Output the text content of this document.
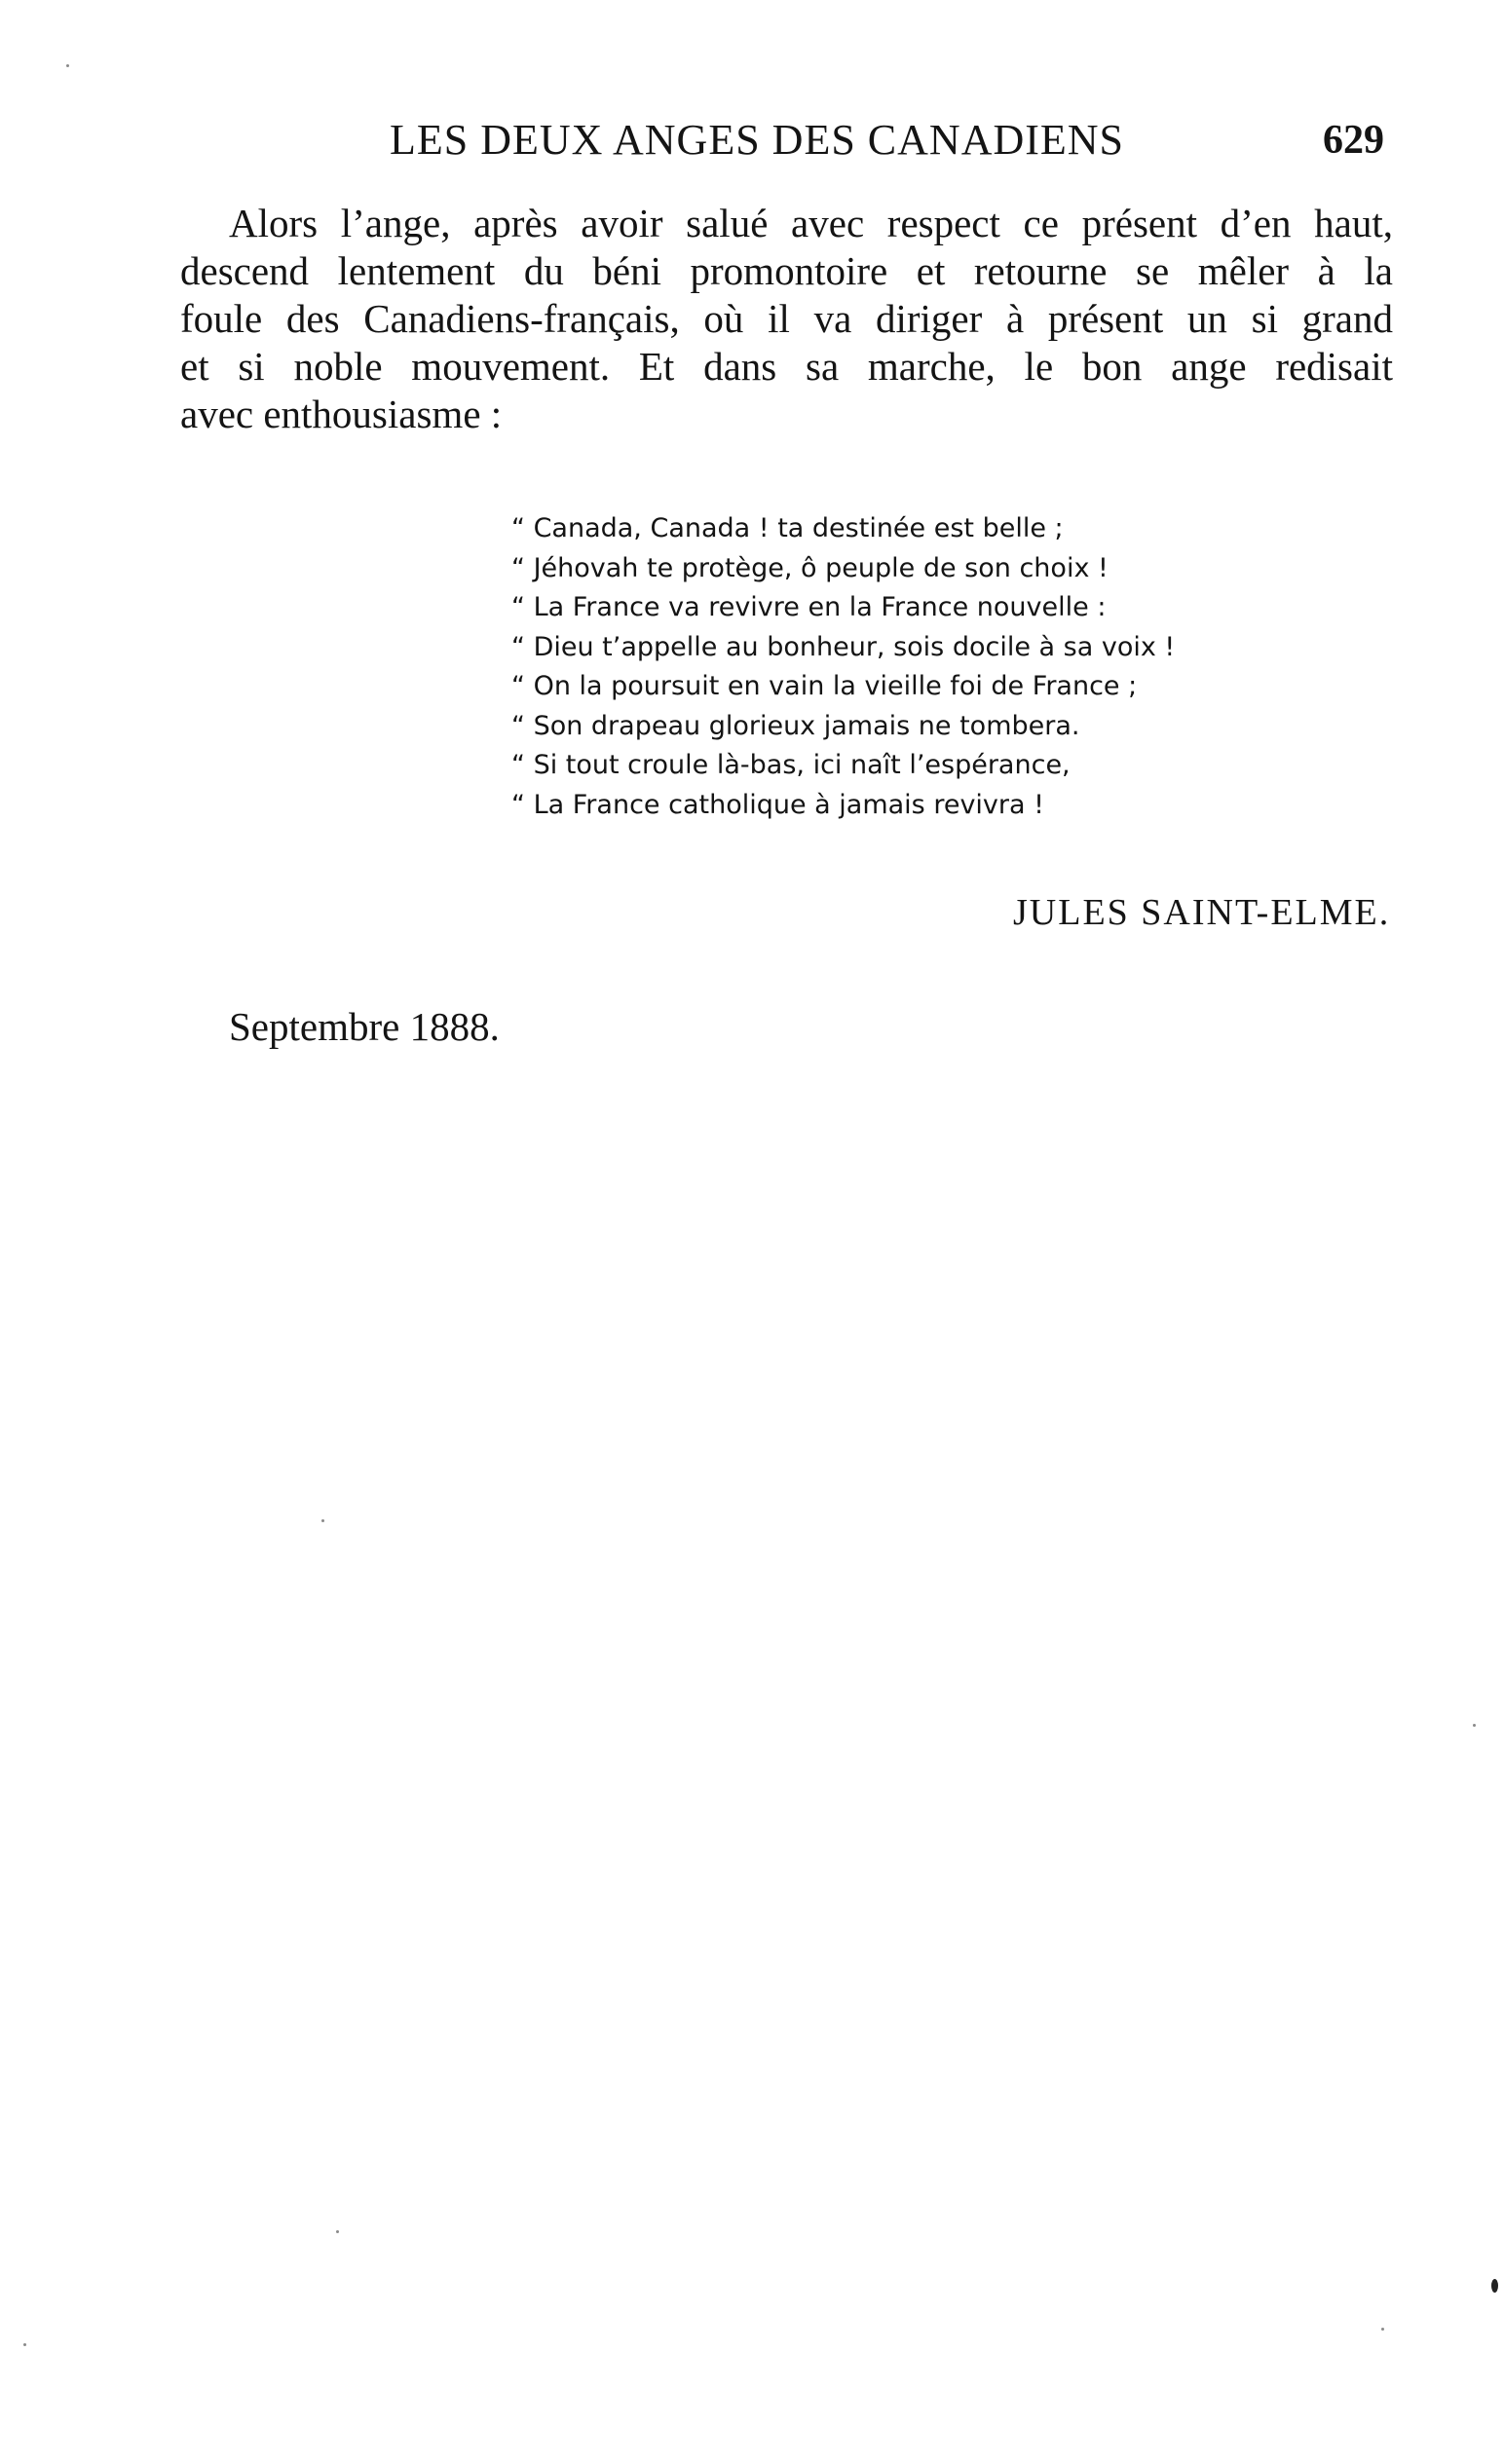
LES DEUX ANGES DES CANADIENS	629
Alors l’ange, après avoir salué avec respect ce présent d’en haut,
descend lentement du béni promontoire et retourne se mêler à la
foule des Canadiens-français, où il va diriger à présent un si grand
et si noble mouvement. Et dans sa marche, le bon ange redisait
avec enthousiasme :
“ Canada, Canada ! ta destinée est belle ;
“ Jéhovah te protège, ô peuple de son choix !
“ La France va revivre en la France nouvelle :
“ Dieu t’appelle au bonheur, sois docile à sa voix !
“ On la poursuit en vain la vieille foi de France ;
“ Son drapeau glorieux jamais ne tombera.
“ Si tout croule là-bas, ici naît l’espérance,
“ La France catholique à jamais revivra !
JULES SAINT-ELME.
Septembre 1888.
